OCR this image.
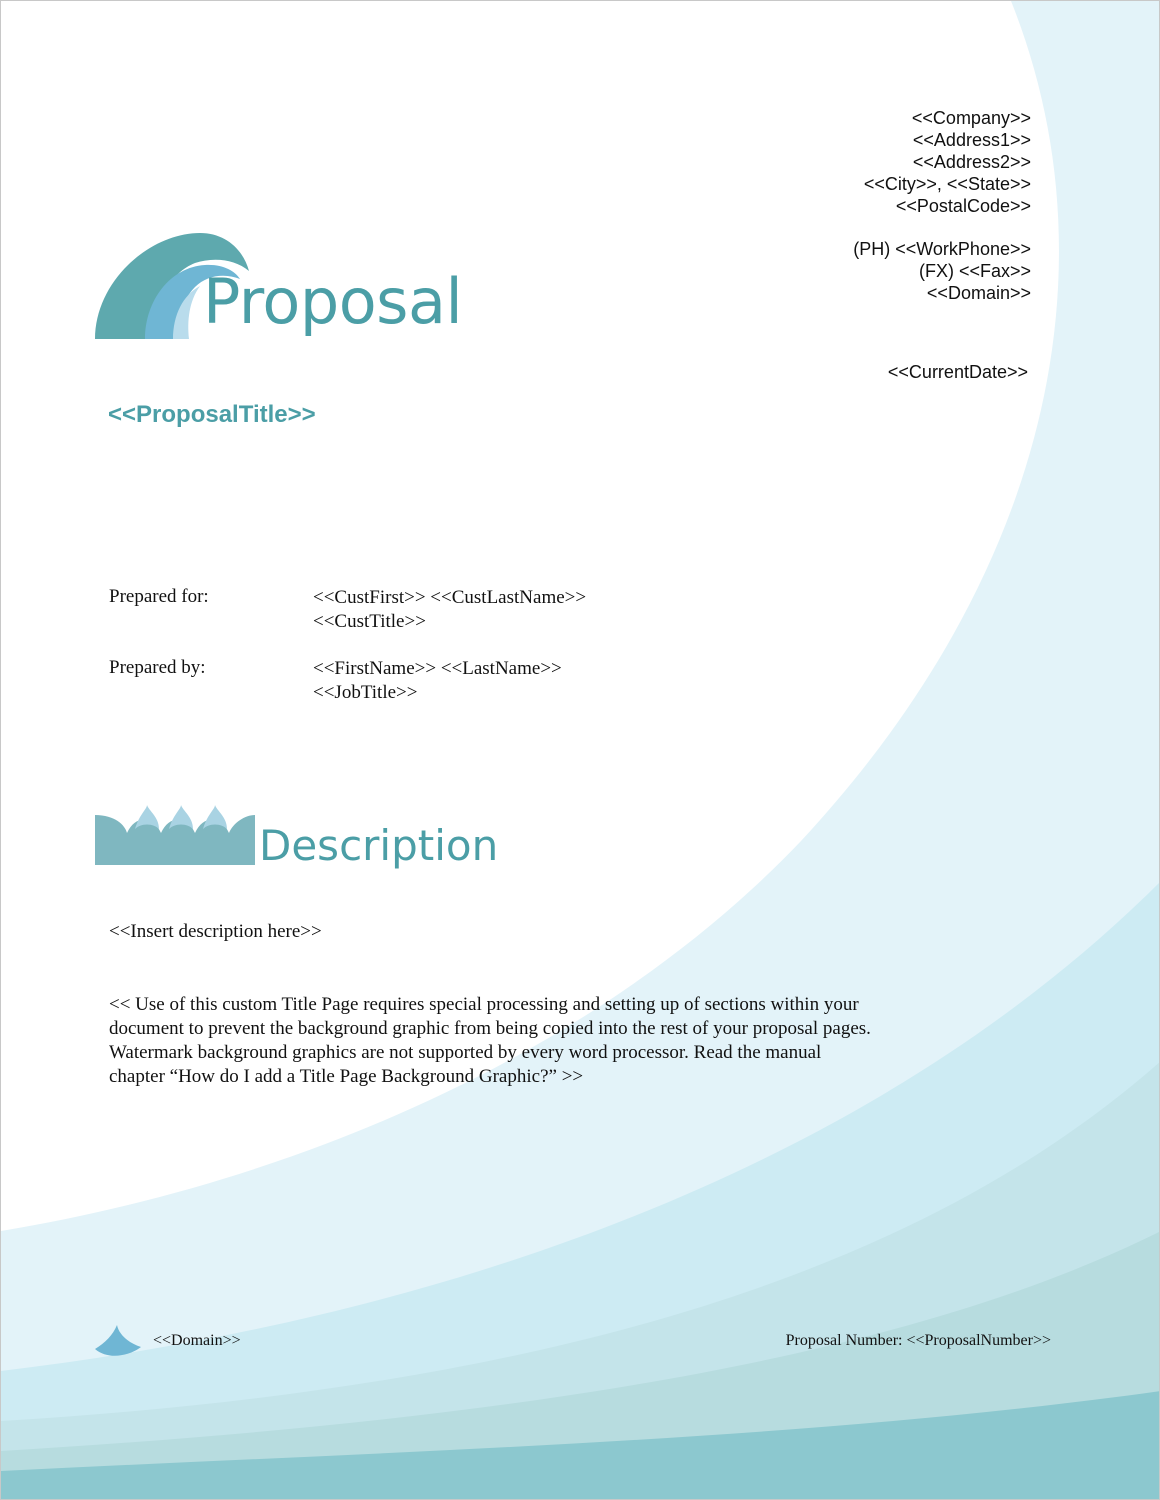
<<Company>>
<<Address1>>
<<Address2>>
<<City>>, <<State>>
<<PostalCode>>
(PH) <<WorkPhone>>
(FX) <<Fax>>
<<Domain>>
<<CurrentDate>>
Proposal
<<ProposalTitle>>
Prepared for:	<<CustFirst>> <<CustLastName>>
<<CustTitle>>
Prepared by:	<<FirstName>> <<LastName>>
<<JobTitle>>
Description
<<Insert description here>>
<< Use of this custom Title Page requires special processing and setting up of sections within your document to prevent the background graphic from being copied into the rest of your proposal pages. Watermark background graphics are not supported by every word processor. Read the manual chapter “How do I add a Title Page Background Graphic?” >>
<<Domain>>	Proposal Number: <<ProposalNumber>>
